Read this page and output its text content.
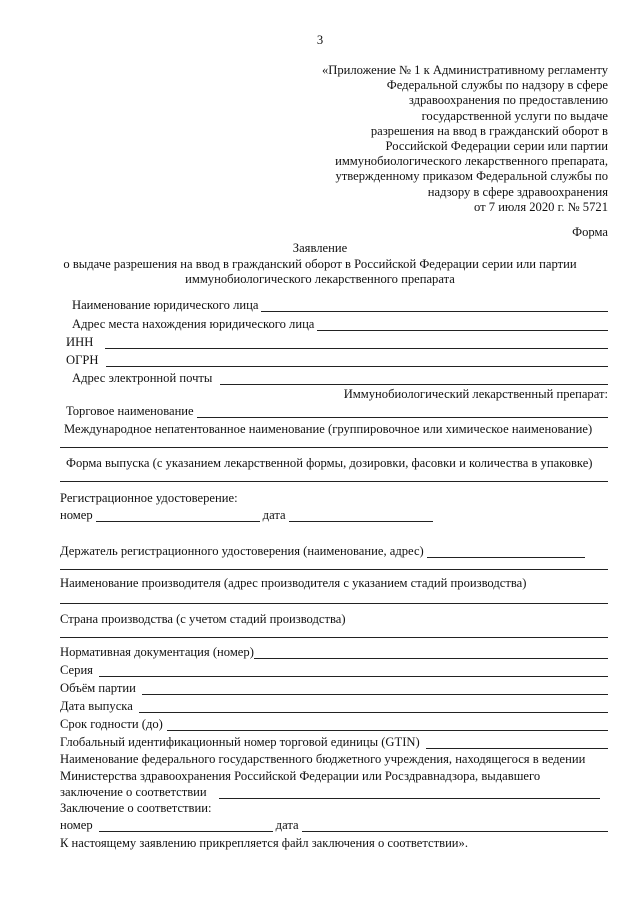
3
«Приложение № 1 к Административному регламенту
Федеральной службы по надзору в сфере
здравоохранения по предоставлению
государственной услуги по выдаче
разрешения на ввод в гражданский оборот в
Российской Федерации серии или партии
иммунобиологического лекарственного препарата,
утвержденному приказом Федеральной службы по
надзору в сфере здравоохранения
от 7 июля 2020 г. № 5721
Форма
Заявление
о выдаче разрешения на ввод в гражданский оборот в Российской Федерации серии или партии
иммунобиологического лекарственного препарата
Наименование юридического лица
Адрес места нахождения юридического лица
ИНН
ОГРН
Адрес электронной почты
Иммунобиологический лекарственный препарат:
Торговое наименование
Международное непатентованное наименование (группировочное или химическое наименование)
Форма выпуска (с указанием лекарственной формы, дозировки, фасовки и количества в упаковке)
Регистрационное удостоверение:
номер	дата
Держатель регистрационного удостоверения (наименование, адрес)
Наименование производителя (адрес производителя с указанием стадий производства)
Страна производства (с учетом стадий производства)
Нормативная документация (номер)
Серия
Объём партии
Дата выпуска
Срок годности (до)
Глобальный идентификационный номер торговой единицы (GTIN)
Наименование федерального государственного бюджетного учреждения, находящегося в ведении
Министерства здравоохранения Российской Федерации или Росздравнадзора, выдавшего
заключение о соответствии
Заключение о соответствии:
номер	дата
К настоящему заявлению прикрепляется файл заключения о соответствии».
